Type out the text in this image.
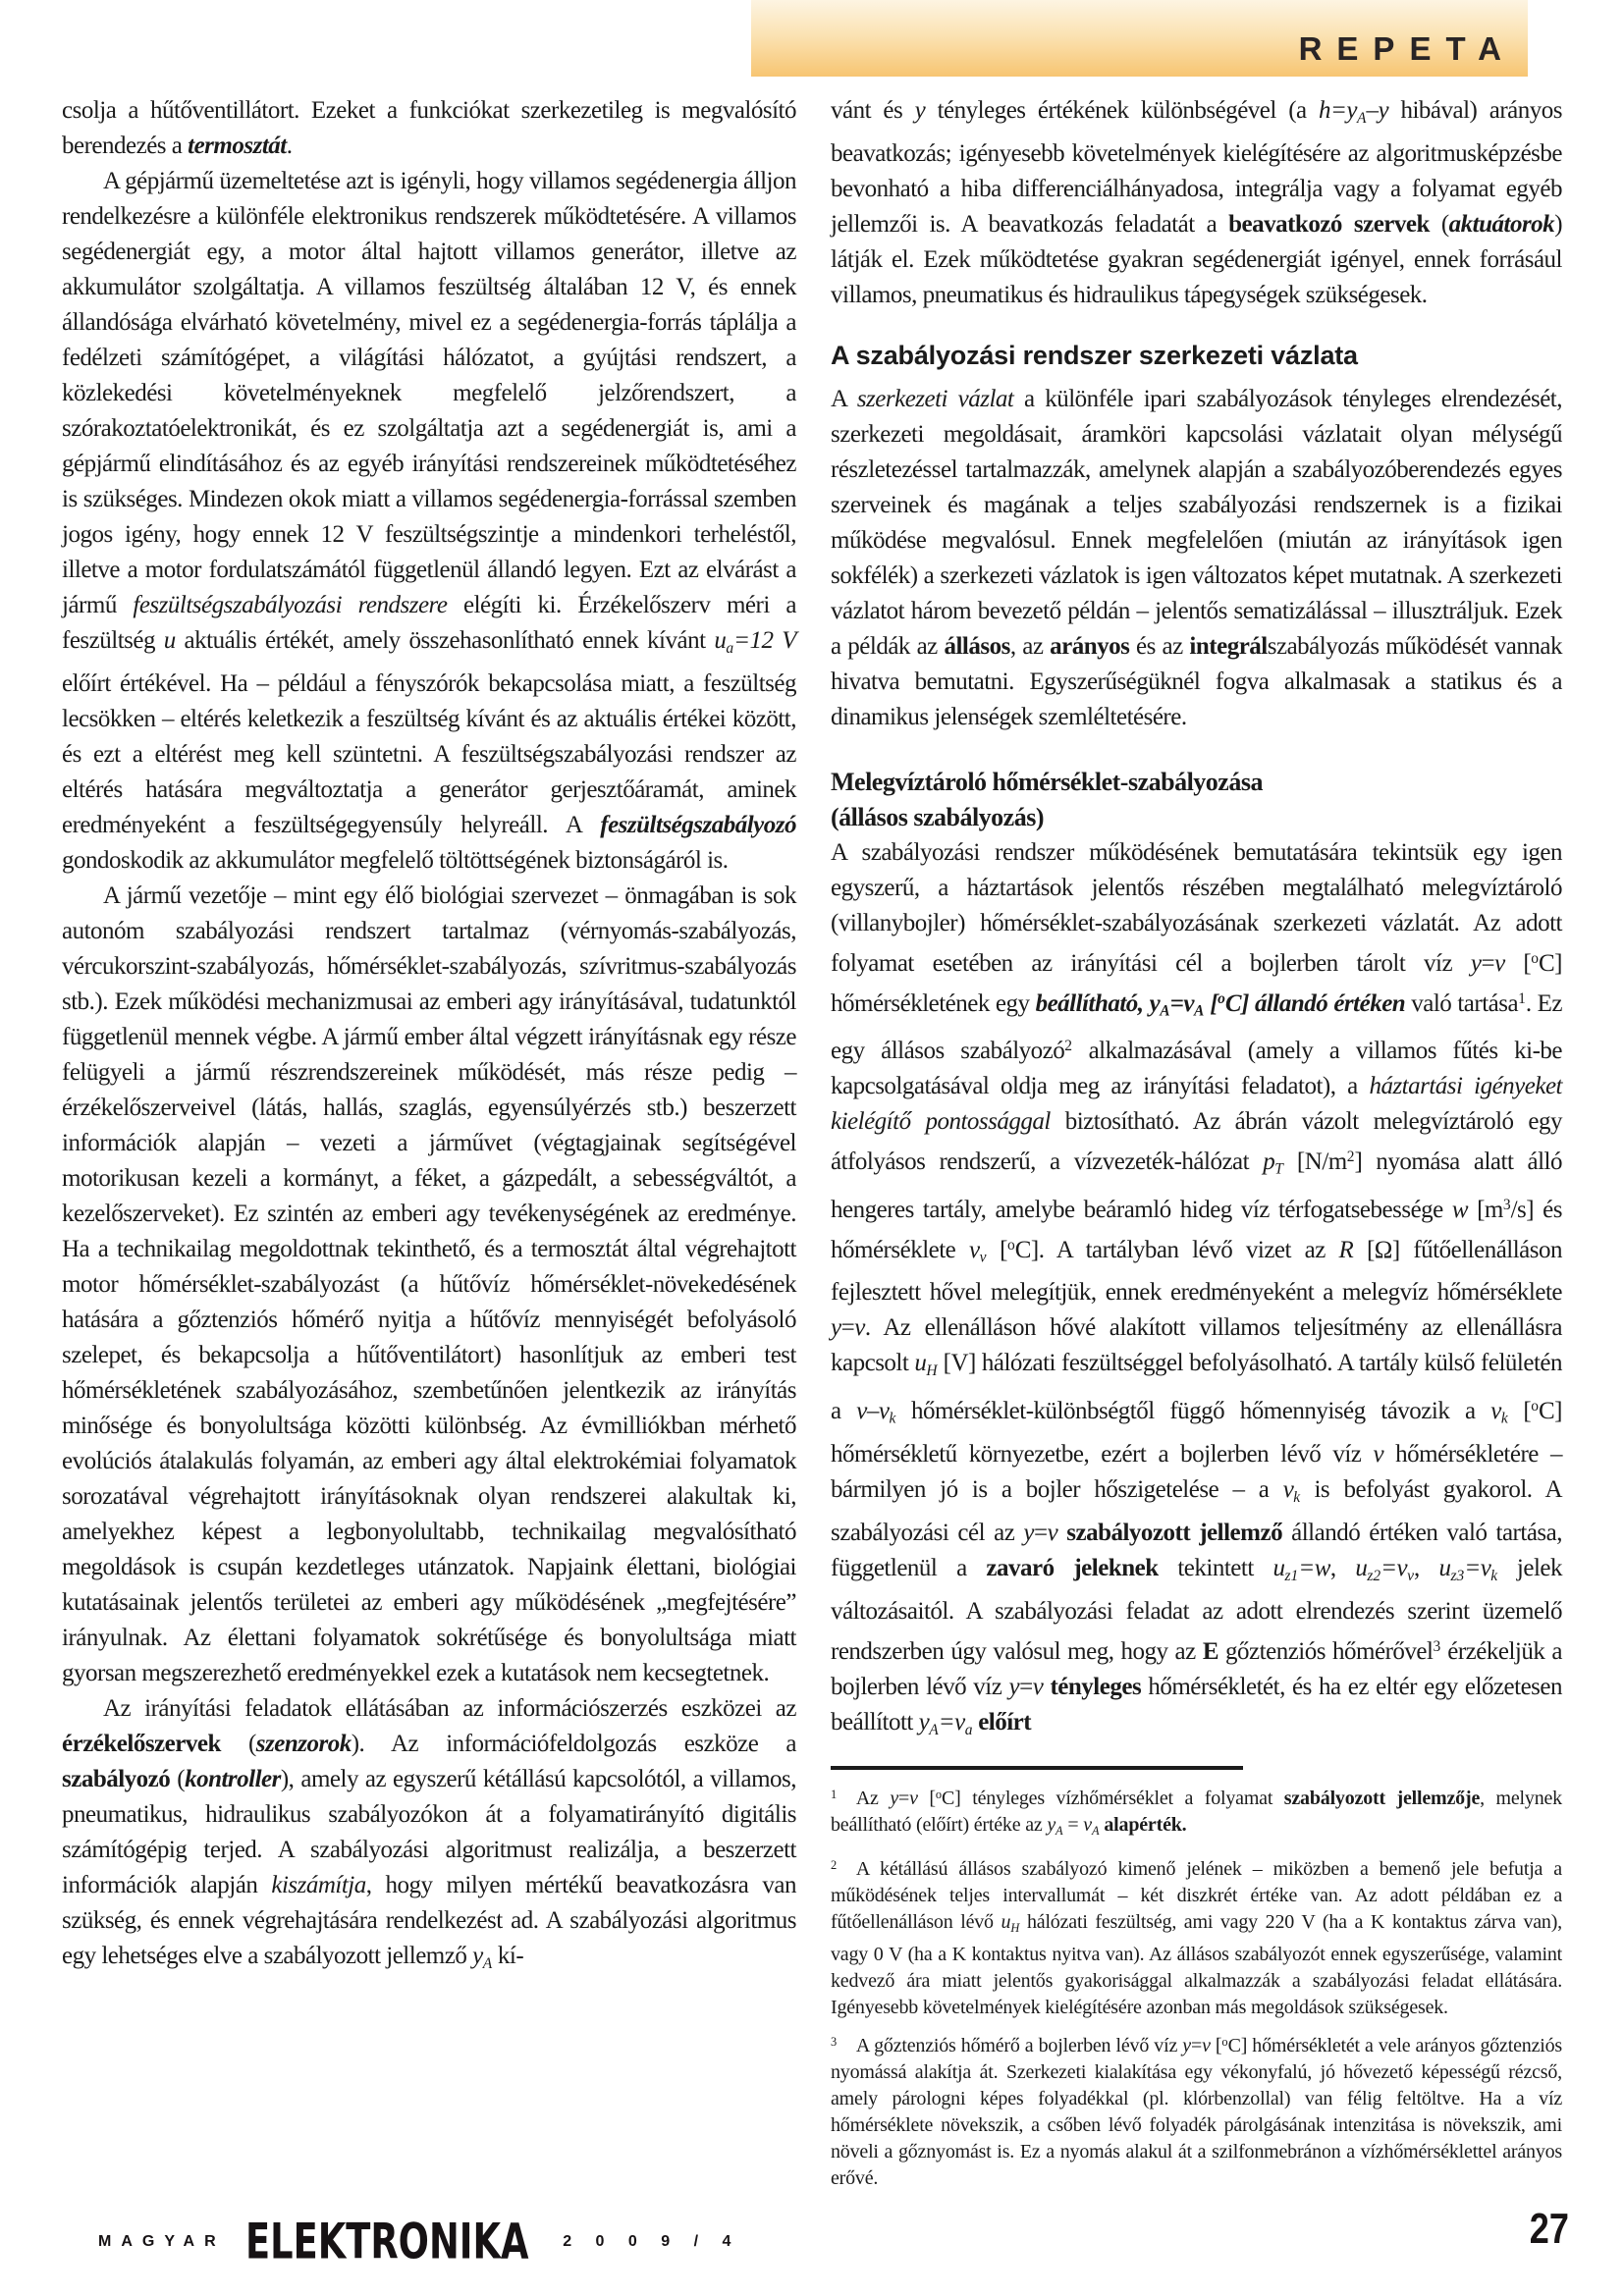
REPETA

csolja a hűtőventillátort. Ezeket a funkciókat szerkezetileg is megvalósító berendezés a termosztát.

A gépjármű üzemeltetése azt is igényli, hogy villamos segédenergia álljon rendelkezésre a különféle elektronikus rendszerek működtetésére. A villamos segédenergiát egy, a motor által hajtott villamos generátor, illetve az akkumulátor szolgáltatja. A villamos feszültség általában 12 V, és ennek állandósága elvárható követelmény, mivel ez a segédenergia-forrás táplálja a fedélzeti számítógépet, a világítási hálózatot, a gyújtási rendszert, a közlekedési követelményeknek megfelelő jelzőrendszert, a szórakoztatóelektronikát, és ez szolgáltatja azt a segédenergiát is, ami a gépjármű elindításához és az egyéb irányítási rendszereinek működtetéséhez is szükséges. Mindezen okok miatt a villamos segédenergia-forrással szemben jogos igény, hogy ennek 12 V feszültségszintje a mindenkori terheléstől, illetve a motor fordulatszámától függetlenül állandó legyen. Ezt az elvárást a jármű feszültségszabályozási rendszere elégíti ki. Érzékelőszerv méri a feszültség u aktuális értékét, amely összehasonlítható ennek kívánt $u_a=12$ V előírt értékével. Ha – például a fényszórók bekapcsolása miatt, a feszültség lecsökken – eltérés keletkezik a feszültség kívánt és az aktuális értékei között, és ezt a eltérést meg kell szüntetni. A feszültségszabályozási rendszer az eltérés hatására megváltoztatja a generátor gerjesztőáramát, aminek eredményeként a feszültségegyensúly helyreáll. A feszültségszabályozó gondoskodik az akkumulátor megfelelő töltöttségének biztonságáról is.

A jármű vezetője – mint egy élő biológiai szervezet – önmagában is sok autonóm szabályozási rendszert tartalmaz (vérnyomás-szabályozás, vércukorszint-szabályozás, hőmérséklet-szabályozás, szívritmus-szabályozás stb.). Ezek működési mechanizmusai az emberi agy irányításával, tudatunktól függetlenül mennek végbe. A jármű ember által végzett irányításnak egy része felügyeli a jármű részrendszereinek működését, más része pedig – érzékelőszerveivel (látás, hallás, szaglás, egyensúlyérzés stb.) beszerzett információk alapján – vezeti a járművet (végtagjainak segítségével motorikusan kezeli a kormányt, a féket, a gázpedált, a sebességváltót, a kezelőszerveket). Ez szintén az emberi agy tevékenységének az eredménye. Ha a technikailag megoldottnak tekinthető, és a termosztát által végrehajtott motor hőmérséklet-szabályozást (a hűtővíz hőmérséklet-növekedésének hatására a gőztenziós hőmérő nyitja a hűtővíz mennyiségét befolyásoló szelepet, és bekapcsolja a hűtőventilátort) hasonlítjuk az emberi test hőmérsékletének szabályozásához, szembetűnően jelentkezik az irányítás minősége és bonyolultsága közötti különbség. Az évmilliókban mérhető evolúciós átalakulás folyamán, az emberi agy által elektrokémiai folyamatok sorozatával végrehajtott irányításoknak olyan rendszerei alakultak ki, amelyekhez képest a legbonyolultabb, technikailag megvalósítható megoldások is csupán kezdetleges utánzatok. Napjaink élettani, biológiai kutatásainak jelentős területei az emberi agy működésének „megfejtésére” irányulnak. Az élettani folyamatok sokrétűsége és bonyolultsága miatt gyorsan megszerezhető eredményekkel ezek a kutatások nem kecsegtetnek.

Az irányítási feladatok ellátásában az információszerzés eszközei az érzékelőszervek (szenzorok). Az információfeldolgozás eszköze a szabályozó (kontroller), amely az egyszerű kétállású kapcsolótól, a villamos, pneumatikus, hidraulikus szabályozókon át a folyamatirányító digitális számítógépig terjed. A szabályozási algoritmust realizálja, a beszerzett információk alapján kiszámítja, hogy milyen mértékű beavatkozásra van szükség, és ennek végrehajtására rendelkezést ad. A szabályozási algoritmus egy lehetséges elve a szabályozott jellemző $y_A$ kí-

vánt és y tényleges értékének különbségével (a $h=y_A-y$ hibával) arányos beavatkozás; igényesebb követelmények kielégítésére az algoritmusképzésbe bevonható a hiba differenciálhányadosa, integrálja vagy a folyamat egyéb jellemzői is. A beavatkozás feladatát a beavatkozó szervek (aktuátorok) látják el. Ezek működtetése gyakran segédenergiát igényel, ennek forrásául villamos, pneumatikus és hidraulikus tápegységek szükségesek.

A szabályozási rendszer szerkezeti vázlata

A szerkezeti vázlat a különféle ipari szabályozások tényleges elrendezését, szerkezeti megoldásait, áramköri kapcsolási vázlatait olyan mélységű részletezéssel tartalmazzák, amelynek alapján a szabályozóberendezés egyes szerveinek és magának a teljes szabályozási rendszernek is a fizikai működése megvalósul. Ennek megfelelően (miután az irányítások igen sokfélék) a szerkezeti vázlatok is igen változatos képet mutatnak. A szerkezeti vázlatot három bevezető példán – jelentős sematizálással – illusztráljuk. Ezek a példák az állásos, az arányos és az integrálszabályozás működését vannak hivatva bemutatni. Egyszerűségüknél fogva alkalmasak a statikus és a dinamikus jelenségek szemléltetésére.

Melegvíztároló hőmérséklet-szabályozása
(állásos szabályozás)

A szabályozási rendszer működésének bemutatására tekintsük egy igen egyszerű, a háztartások jelentős részében megtalálható melegvíztároló (villanybojler) hőmérséklet-szabályozásának szerkezeti vázlatát. Az adott folyamat esetében az irányítási cél a bojlerben tárolt víz y=v [$^o$C] hőmérsékletének egy beállítható, $y_A=v_A$ [$^o$C] állandó értéken való tartása$^1$. Ez egy állásos szabályozó$^2$ alkalmazásával (amely a villamos fűtés ki-be kapcsolgatásával oldja meg az irányítási feladatot), a háztartási igényeket kielégítő pontossággal biztosítható. Az ábrán vázolt melegvíztároló egy átfolyásos rendszerű, a vízvezeték-hálózat $p_T$ $[N/m^2]$ nyomása alatt álló hengeres tartály, amelybe beáramló hideg víz térfogatsebessége w $[m^3/s]$ és hőmérséklete $v_v$ [$^o$C]. A tartályban lévő vizet az R [Ω] fűtőellenálláson fejlesztett hővel melegítjük, ennek eredményeként a melegvíz hőmérséklete y=v. Az ellenálláson hővé alakított villamos teljesítmény az ellenállásra kapcsolt $u_H$ [V] hálózati feszültséggel befolyásolható. A tartály külső felületén a $v-v_k$ hőmérséklet-különbségtől függő hőmennyiség távozik a $v_k$ [$^o$C] hőmérsékletű környezetbe, ezért a bojlerben lévő víz v hőmérsékletére – bármilyen jó is a bojler hőszigetelése – a $v_k$ is befolyást gyakorol. A szabályozási cél az y=v szabályozott jellemző állandó értéken való tartása, függetlenül a zavaró jeleknek tekintett $u_{z1}=w$, $u_{z2}=v_v$, $u_{z3}=v_k$ jelek változásaitól. A szabályozási feladat az adott elrendezés szerint üzemelő rendszerben úgy valósul meg, hogy az E gőztenziós hőmérővel$^3$ érzékeljük a bojlerben lévő víz y=v tényleges hőmérsékletét, és ha ez eltér egy előzetesen beállított $y_A=v_a$ előírt

$^1$   Az y=v [$^o$C] tényleges vízhőmérséklet a folyamat szabályozott jellemzője, melynek beállítható (előírt) értéke az $y_A = v_A$ alapérték.
$^2$   A kétállású állásos szabályozó kimenő jelének – miközben a bemenő jele befutja a működésének teljes intervallumát – két diszkrét értéke van. Az adott példában ez a fűtőellenálláson lévő $u_H$ hálózati feszültség, ami vagy 220 V (ha a K kontaktus zárva van), vagy 0 V (ha a K kontaktus nyitva van). Az állásos szabályozót ennek egyszerűsége, valamint kedvező ára miatt jelentős gyakorisággal alkalmazzák a szabályozási feladat ellátására. Igényesebb követelmények kielégítésére azonban más megoldások szükségesek.
$^3$   A gőztenziós hőmérő a bojlerben lévő víz y=v [$^o$C] hőmérsékletét a vele arányos gőztenziós nyomássá alakítja át. Szerkezeti kialakítása egy vékonyfalú, jó hővezető képességű rézcső, amely párologni képes folyadékkal (pl. klórbenzollal) van félig feltöltve. Ha a víz hőmérséklete növekszik, a csőben lévő folyadék párolgásának intenzitása is növekszik, ami növeli a gőznyomást is. Ez a nyomás alakul át a szilfonmebránon a vízhőmérséklettel arányos erővé.
MAGYAR ELEKTRONIKA 2 0 0 9 / 4	27
